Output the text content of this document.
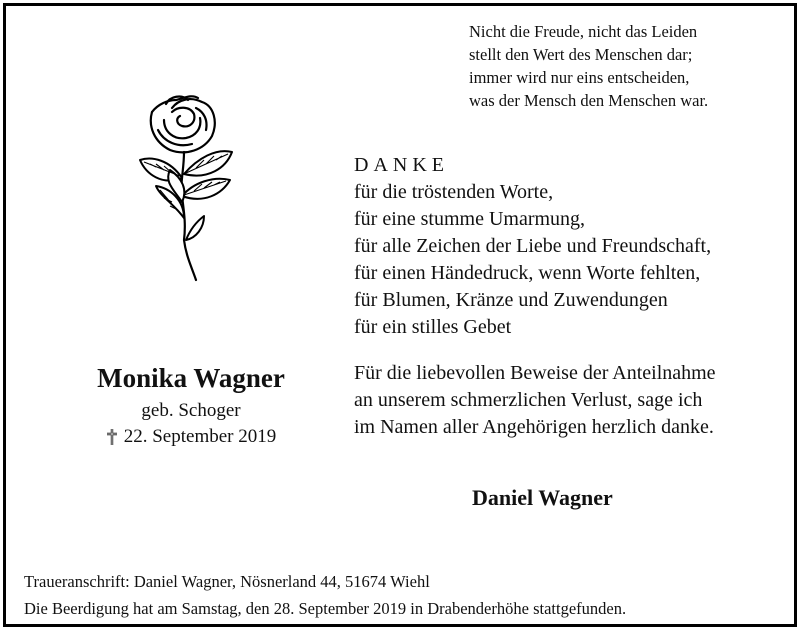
Nicht die Freude, nicht das Leiden
stellt den Wert des Menschen dar;
immer wird nur eins entscheiden,
was der Mensch den Menschen war.
DANKE
für die tröstenden Worte,
für eine stumme Umarmung,
für alle Zeichen der Liebe und Freundschaft,
für einen Händedruck, wenn Worte fehlten,
für Blumen, Kränze und Zuwendungen
für ein stilles Gebet
Monika Wagner
geb. Schoger
22. September 2019
Für die liebevollen Beweise der Anteilnahme
an unserem schmerzlichen Verlust, sage ich
im Namen aller Angehörigen herzlich danke.
Daniel Wagner
Traueranschrift: Daniel Wagner, Nösnerland 44, 51674 Wiehl
Die Beerdigung hat am Samstag, den 28. September 2019 in Drabenderhöhe stattgefunden.
